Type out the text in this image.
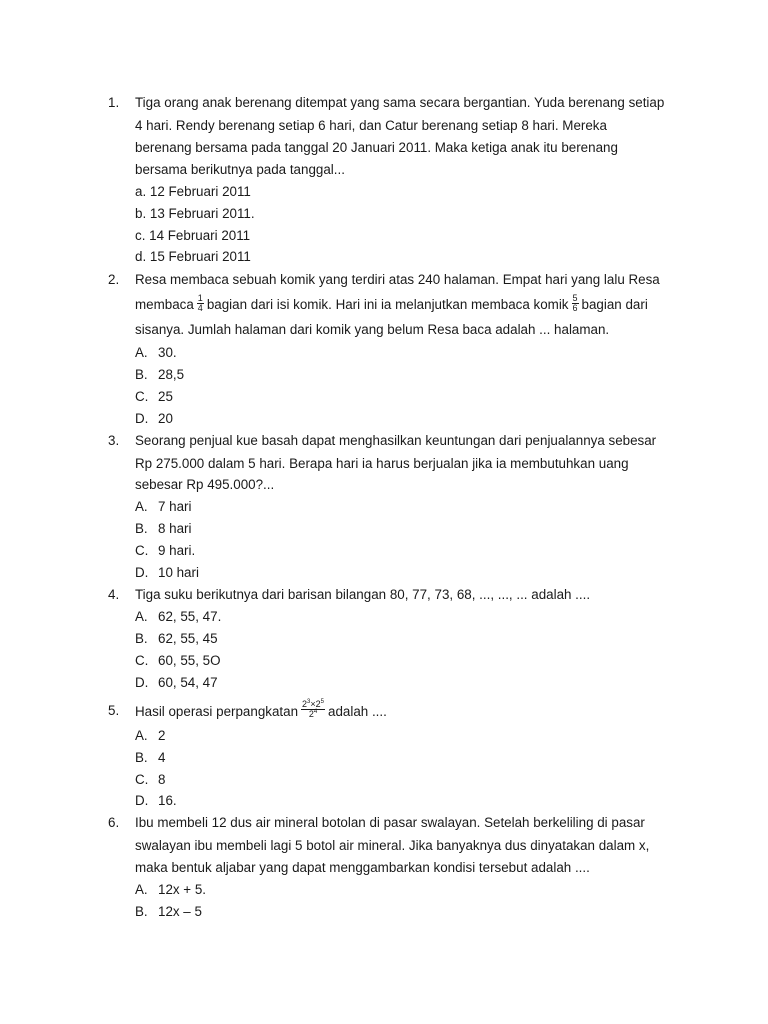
1. Tiga orang anak berenang ditempat yang sama secara bergantian. Yuda berenang setiap
4 hari. Rendy berenang setiap 6 hari, dan Catur berenang setiap 8 hari. Mereka
berenang bersama pada tanggal 20 Januari 2011. Maka ketiga anak itu berenang
bersama berikutnya pada tanggal...
a. 12 Februari 2011
b. 13 Februari 2011.
c. 14 Februari 2011
d. 15 Februari 2011
2. Resa membaca sebuah komik yang terdiri atas 240 halaman. Empat hari yang lalu Resa
membaca $\frac{1}{4}$ bagian dari isi komik. Hari ini ia melanjutkan membaca komik $\frac{5}{6}$ bagian dari
sisanya. Jumlah halaman dari komik yang belum Resa baca adalah ... halaman.
A. 30.
B. 28,5
C. 25
D. 20
3. Seorang penjual kue basah dapat menghasilkan keuntungan dari penjualannya sebesar
Rp 275.000 dalam 5 hari. Berapa hari ia harus berjualan jika ia membutuhkan uang
sebesar Rp 495.000?...
A. 7 hari
B. 8 hari
C. 9 hari.
D. 10 hari
4. Tiga suku berikutnya dari barisan bilangan 80, 77, 73, 68, ..., ..., ... adalah ....
A. 62, 55, 47.
B. 62, 55, 45
C. 60, 55, 5O
D. 60, 54, 47
5. Hasil operasi perpangkatan $\frac{2^3\times 2^5}{2^4}$ adalah ....
A. 2
B. 4
C. 8
D. 16.
6. Ibu membeli 12 dus air mineral botolan di pasar swalayan. Setelah berkeliling di pasar
swalayan ibu membeli lagi 5 botol air mineral. Jika banyaknya dus dinyatakan dalam x,
maka bentuk aljabar yang dapat menggambarkan kondisi tersebut adalah ....
A. 12x + 5.
B. 12x – 5
